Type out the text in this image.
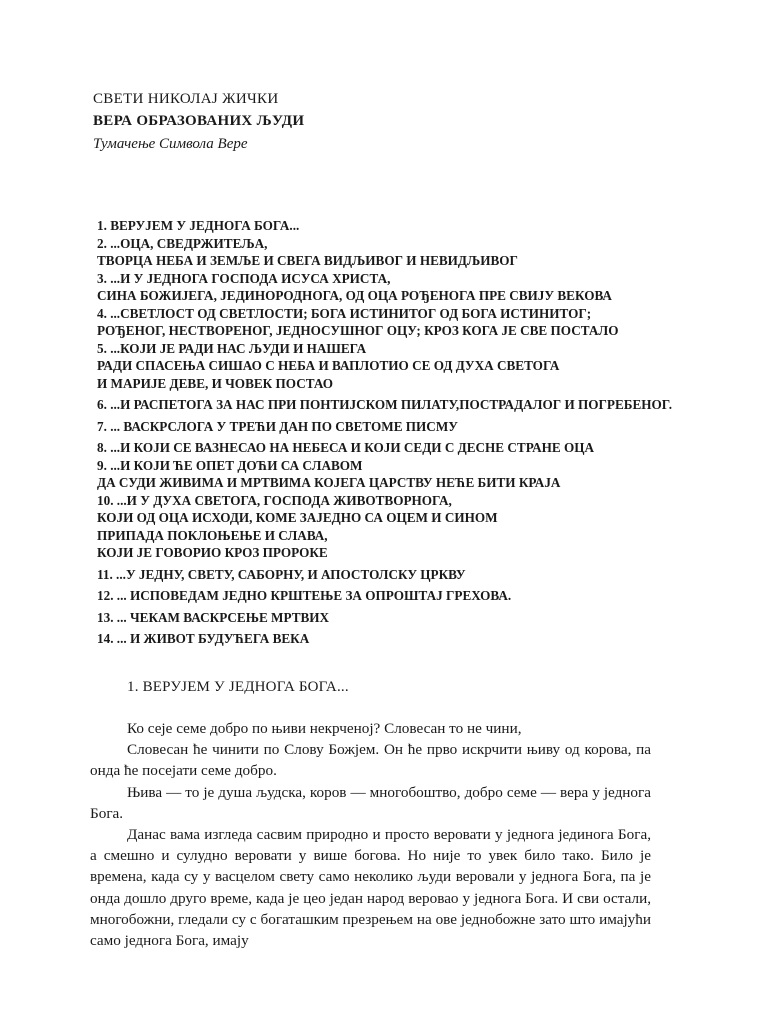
СВЕТИ НИКОЛАЈ ЖИЧКИ
ВЕРА ОБРАЗОВАНИХ ЉУДИ
Тумачење Символа Вере
1. ВЕРУЈЕМ У ЈЕДНОГА БОГА...
2. ...ОЦА, СВЕДРЖИТЕЉА,
ТВОРЦА НЕБА И ЗЕМЉЕ И СВЕГА ВИДЉИВОГ И НЕВИДЉИВОГ
3. ...И У ЈЕДНОГА ГОСПОДА ИСУСА ХРИСТА,
СИНА БОЖИЈЕГА, ЈЕДИНОРОДНОГА, ОД ОЦА РОЂЕНОГА ПРЕ СВИЈУ ВЕКОВА
4. ...СВЕТЛОСТ ОД СВЕТЛОСТИ; БОГА ИСТИНИТОГ ОД БОГА ИСТИНИТОГ;
РОЂЕНОГ, НЕСТВОРЕНОГ, ЈЕДНОСУШНОГ ОЦУ; КРОЗ КОГА ЈЕ СВЕ ПОСТАЛО
5. ...КОЈИ ЈЕ РАДИ НАС ЉУДИ И НАШЕГА
РАДИ СПАСЕЊА СИШАО С НЕБА И ВАПЛОТИО СЕ ОД ДУХА СВЕТОГА
И МАРИЈЕ ДЕВЕ, И ЧОВЕК ПОСТАО
6. ...И РАСПЕТОГА ЗА НАС ПРИ ПОНТИЈСКОМ ПИЛАТУ,ПОСТРАДАЛОГ И ПОГРЕБЕНОГ.
7. ... ВАСКРСЛОГА У ТРЕЋИ ДАН ПО СВЕТОМЕ ПИСМУ
8. ...И КОЈИ СЕ ВАЗНЕСАО НА НЕБЕСА И КОЈИ СЕДИ С ДЕСНЕ СТРАНЕ ОЦА
9. ...И КОЈИ ЋЕ ОПЕТ ДОЋИ СА СЛАВОМ
ДА СУДИ ЖИВИМА И МРТВИМА КОЈЕГА ЦАРСТВУ НЕЋЕ БИТИ КРАЈА
10. ...И У ДУХА СВЕТОГА, ГОСПОДА ЖИВОТВОРНОГА,
КОЈИ ОД ОЦА ИСХОДИ, КОМЕ ЗАЈЕДНО СА ОЦЕМ И СИНОМ
ПРИПАДА ПОКЛОЊЕЊЕ И СЛАВА,
КОЈИ ЈЕ ГОВОРИО КРОЗ ПРОРОКЕ
11. ...У ЈЕДНУ, СВЕТУ, САБОРНУ, И АПОСТОЛСКУ ЦРКВУ
12. ... ИСПОВЕДАМ ЈЕДНО КРШТЕЊЕ ЗА ОПРОШТАЈ ГРЕХОВА.
13. ... ЧЕКАМ ВАСКРСЕЊЕ МРТВИХ
14. ... И ЖИВОТ БУДУЋЕГА ВЕКА
1. ВЕРУЈЕМ У ЈЕДНОГА БОГА...

Ко сеје семе добро по њиви некрченој? Словесан то не чини,

Словесан ће чинити по Слову Божјем. Он ће прво искрчити њиву од корова, па онда ће посејати семе добро.

Њива — то је душа људска, коров — многобоштво, добро семе — вера у једнога Бога.

Данас вама изгледа сасвим природно и просто веровати у једнога јединога Бога, а смешно и сулудно веровати у више богова. Но није то увек било тако. Било је времена, када су у васцелом свету само неколико људи веровали у једнога Бога, па је онда дошло друго време, када је цео један народ веровао у једнога Бога. И сви остали, многобожни, гледали су с богаташким презрењем на ове једнобожне зато што имајући само једнога Бога, имају
